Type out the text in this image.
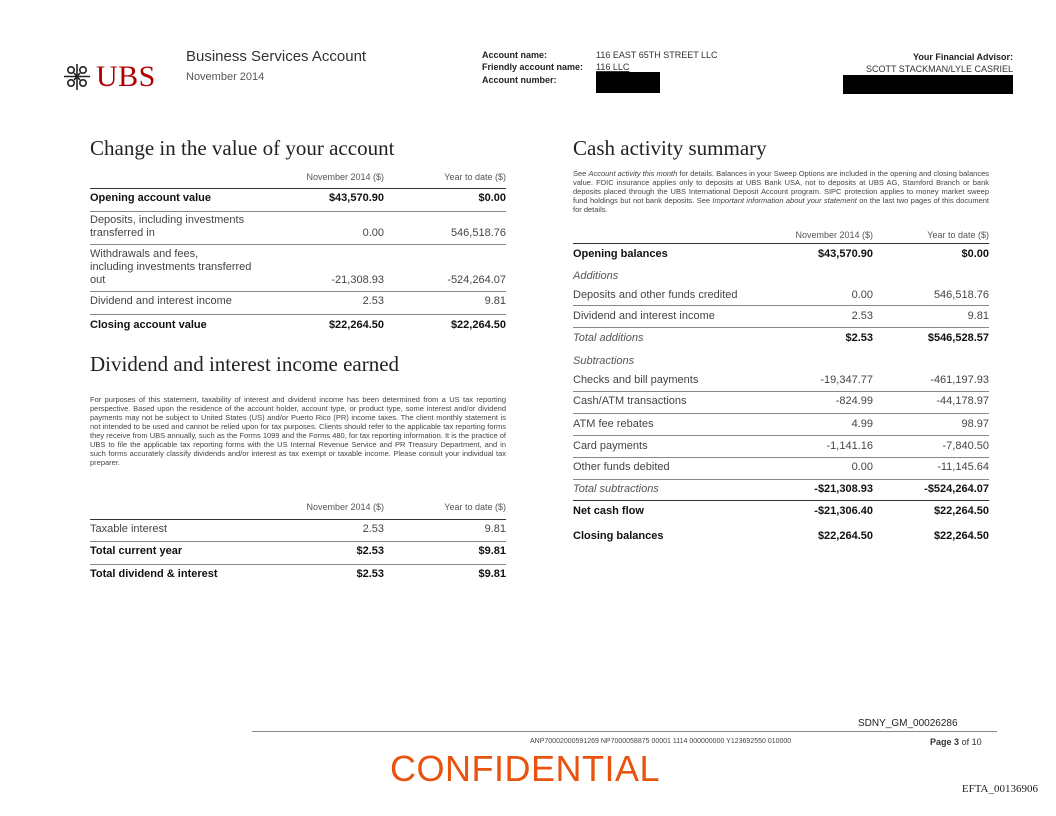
UBS
Business Services Account
November 2014
Account name:	116 EAST 65TH STREET LLC
Friendly account name: 116 LLC
Account number:
Your Financial Advisor:
SCOTT STACKMAN/LYLE CASRIEL
Change in the value of your account
November 2014 ($)	Year to date ($)
Opening account value	$43,570.90	$0.00
Deposits, including investments
transferred in	0.00	546,518.76
Withdrawals and fees,
including investments transferred
out	-21,308.93	-524,264.07
Dividend and interest income	2.53	9.81
Closing account value	$22,264.50	$22,264.50
Dividend and interest income earned
For purposes of this statement, taxability of interest and dividend income has been determined from a US tax reporting perspective. Based upon the residence of the account holder, account type, or product type, some interest and/or dividend payments may not be subject to United States (US) and/or Puerto Rico (PR) income taxes. The client monthly statement is not intended to be used and cannot be relied upon for tax purposes. Clients should refer to the applicable tax reporting forms they receive from UBS annually, such as the Forms 1099 and the Forms 480, for tax reporting information. It is the practice of UBS to file the applicable tax reporting forms with the US Internal Revenue Service and PR Treasury Department, and in such forms accurately classify dividends and/or interest as tax exempt or taxable income. Please consult your individual tax preparer.
November 2014 ($)	Year to date ($)
Taxable interest	2.53	9.81
Total current year	$2.53	$9.81
Total dividend & interest	$2.53	$9.81
Cash activity summary
See Account activity this month for details. Balances in your Sweep Options are included in the opening and closing balances value. FDIC insurance applies only to deposits at UBS Bank USA, not to deposits at UBS AG, Stamford Branch or bank deposits placed through the UBS International Deposit Account program. SIPC protection applies to money market sweep fund holdings but not bank deposits. See Important information about your statement on the last two pages of this document for details.
November 2014 ($)	Year to date ($)
Opening balances	$43,570.90	$0.00
Additions
Deposits and other funds credited	0.00	546,518.76
Dividend and interest income	2.53	9.81
Total additions	$2.53	$546,528.57
Subtractions
Checks and bill payments	-19,347.77	-461,197.93
Cash/ATM transactions	-824.99	-44,178.97
ATM fee rebates	4.99	98.97
Card payments	-1,141.16	-7,840.50
Other funds debited	0.00	-11,145.64
Total subtractions	-$21,308.93	-$524,264.07
Net cash flow	-$21,306.40	$22,264.50
Closing balances	$22,264.50	$22,264.50
SDNY_GM_00026286
ANP70002000591269 NP7000058875 00001 1114 000000000 Y123692550 010000	Page 3 of 10
CONFIDENTIAL	EFTA_00136906
